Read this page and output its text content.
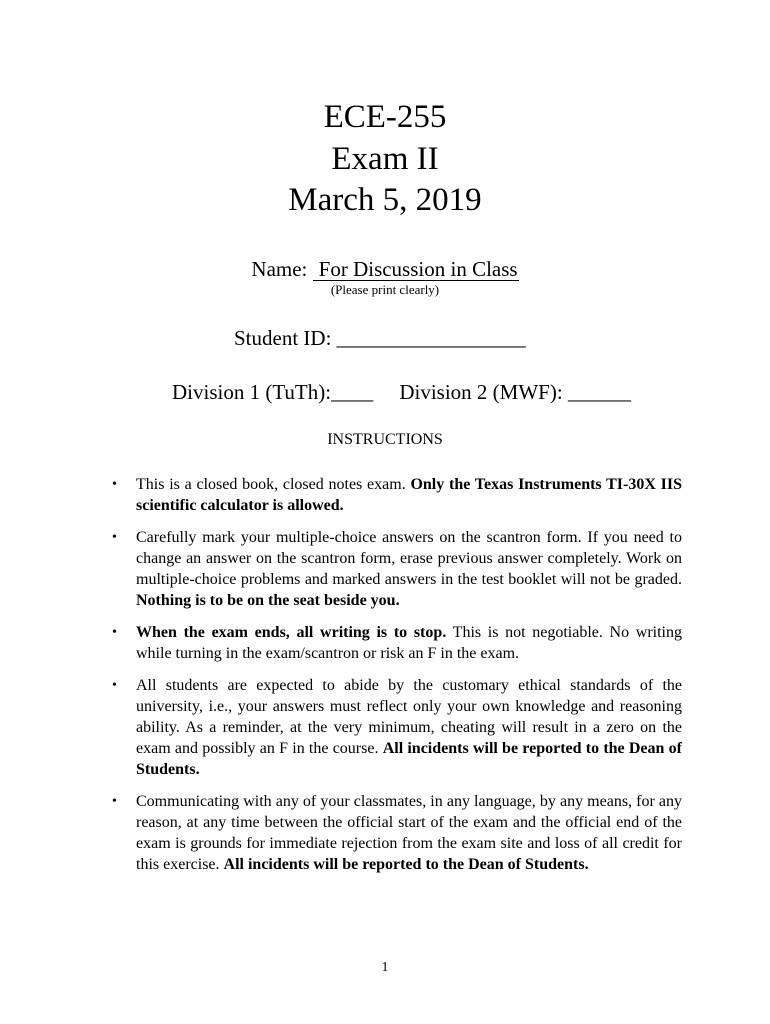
ECE-255
Exam II
March 5, 2019
Name: For Discussion in Class
(Please print clearly)
Student ID: __________________
Division 1 (TuTh):____ Division 2 (MWF): ______
INSTRUCTIONS
• This is a closed book, closed notes exam. Only the Texas Instruments TI-30X IIS scientific calculator is allowed.
• Carefully mark your multiple-choice answers on the scantron form. If you need to change an answer on the scantron form, erase previous answer completely. Work on multiple-choice problems and marked answers in the test booklet will not be graded. Nothing is to be on the seat beside you.
• When the exam ends, all writing is to stop. This is not negotiable. No writing while turning in the exam/scantron or risk an F in the exam.
• All students are expected to abide by the customary ethical standards of the university, i.e., your answers must reflect only your own knowledge and reasoning ability. As a reminder, at the very minimum, cheating will result in a zero on the exam and possibly an F in the course. All incidents will be reported to the Dean of Students.
• Communicating with any of your classmates, in any language, by any means, for any reason, at any time between the official start of the exam and the official end of the exam is grounds for immediate rejection from the exam site and loss of all credit for this exercise. All incidents will be reported to the Dean of Students.
1
